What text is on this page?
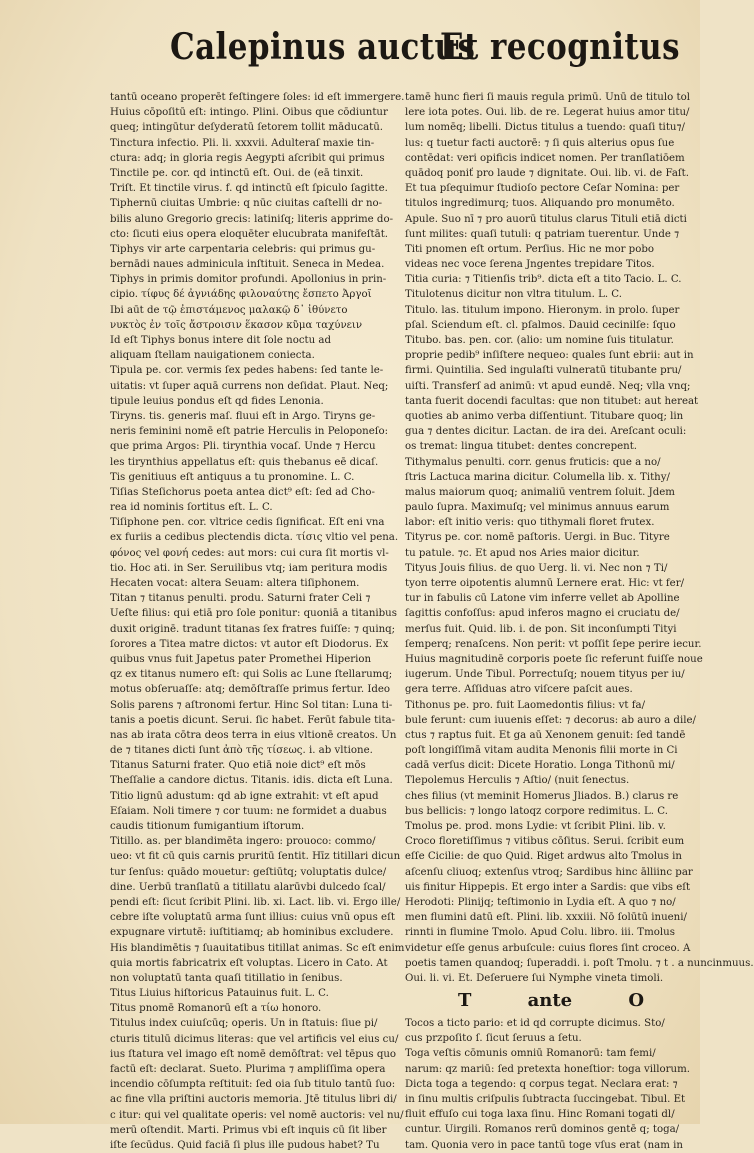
Calepinus auctus
Et recognitus
tantū oceano properēt feſtingere ſoles: id eſt immergere.
Huius cōpoſitū eſt: intingo. Plini. Oibus que cōdiuntur
queq; intingūtur deſyderatū ſetorem tollit māducatū.
Tinctura infectio. Pli. li. xxxvii. Adulteraſ maxie tin-
ctura: adq; in gloria regis Aegypti aſcribit qui primus
Tinctile pe. cor. qd intinctū eſt. Oui. de (eā tinxit.
Triſt. Et tinctile virus. f. qd intinctū eſt ſpiculo ſagitte.
Tiphernū ciuitas Umbrie: q nūc ciuitas caſtelli dr no-
bilis aluno Gregorio grecis: latiniſq; literis apprime do-
cto: ſicuti eius opera eloquēter elucubrata manifeſtāt.
Tiphys vir arte carpentaria celebris: qui primus gu-
bernādi naues adminicula inſtituit. Seneca in Medea.
Tiphys in primis domitor profundi. Apollonius in prin-
cipio. τίφυς δέ ἀγνιάδης φιλοναύτης ἔσπετο Ἀργοῖ
Ibi aūt de τῷ ἐπιστάμενος μαλακῷ δ᾽ ἰθύνετο
νυκτὸς ἐν τοῖς ἄστροισιν ἕκασον κῦμα ταχύνειν
Id eſt Tiphys bonus intere dit ſole noctu ad
aliquam ſtellam nauigationem coniecta.
Tipula pe. cor. vermis ſex pedes habens: ſed tante le-
uitatis: vt ſuper aquā currens non deſidat. Plaut. Neq;
tipule leuius pondus eſt qd fides Lenonia.
Tiryns. tis. generis maſ. fluui eſt in Argo. Tiryns ge-
neris feminini nomē eſt patrie Herculis in Peloponeſo:
que prima Argos: Pli. tirynthia vocaſ. Unde ⁊ Hercu
les tirynthius appellatus eſt: quis thebanus eē dicaſ.
Tis genitiuus eſt antiquus a tu pronomine. L. C.
Tiſias Steſichorus poeta antea dict⁹ eſt: ſed ad Cho-
rea id nominis ſortitus eſt. L. C.
Tiſiphone pen. cor. vltrice cedis ſignificat. Eſt eni vna
ex furiis a cedibus plectendis dicta. τίσις vltio vel pena.
φόνος vel φονή cedes: aut mors: cui cura ſit mortis vl-
tio. Hoc ati. in Ser. Seruilibus vtq; iam peritura modis
Hecaten vocat: altera Seuam: altera tiſiphonem.
Titan ⁊ titanus penulti. produ. Saturni frater Celi ⁊
Ueſte filius: qui etiā pro ſole ponitur: quoniā a titanibus
duxit originē. tradunt titanas ſex fratres fuiſſe: ⁊ quinq;
ſorores a Titea matre dictos: vt autor eſt Diodorus. Ex
quibus vnus fuit Japetus pater Promethei Hiperion
qz ex titanus numero eſt: qui Solis ac Lune ſtellarumq;
motus obſeruaſſe: atq; demōſtraſſe primus fertur. Ideo
Solis parens ⁊ aſtronomi fertur. Hinc Sol titan: Luna ti-
tanis a poetis dicunt. Serui. ſic habet. Ferūt fabule tita-
nas ab irata cōtra deos terra in eius vltionē creatos. Un
de ⁊ titanes dicti ſunt ἀπὸ τῆς τίσεως. i. ab vltione.
Titanus Saturni frater. Quo etiā noie dict⁹ eſt mōs
Theſſalie a candore dictus. Titanis. idis. dicta eſt Luna.
Titio lignū adustum: qd ab igne extrahit: vt eſt apud
Eſaiam. Noli timere ⁊ cor tuum: ne formidet a duabus
caudis titionum fumigantium iſtorum.
Titillo. as. per blandimēta ingero: prouoco: commo/
ueo: vt fit cū quis carnis pruritū ſentit. Hīz titillari dicun
tur ſenſus: quādo mouetur: geſtiūtq; voluptatis dulce/
dine. Uerbū tranſlatū a titillatu alarūvbi dulcedo ſcal/
pendi eſt: ſicut ſcribit Plini. lib. xi. Lact. lib. vi. Ergo ille/
cebre iſte voluptatū arma ſunt illius: cuius vnū opus eſt
expugnare virtutē: iuſtitiamq; ab hominibus excludere.
His blandimētis ⁊ ſuauitatibus titillat animas. Sc eſt enim
quia mortis fabricatrix eſt voluptas. Licero in Cato. At
non voluptatū tanta quaſi titillatio in ſenibus.
Titus Liuius hiſtoricus Patauinus fuit. L. C.
Titus pnomē Romanorū eſt a τίω honoro.
Titulus index cuiuſcūq; operis. Un in ſtatuis: ſiue pi/
cturis titulū dicimus literas: que vel artificis vel eius cu/
ius ſtatura vel imago eſt nomē demōſtrat: vel tēpus quo
factū eſt: declarat. Sueto. Plurima ⁊ ampliſſima opera
incendio cōſumpta reſtituit: ſed oia ſub titulo tantū ſuo:
ac fine vlla priſtini auctoris memoria. Jtē titulus libri di/
c itur: qui vel qualitate operis: vel nomē auctoris: vel nu/
merū oſtendit. Marti. Primus vbi eſt inquis cū ſit liber
iſte ſecūdus. Quid faciā ſi plus ille pudous habet? Tu
tamē hunc fieri ſi mauis regula primū. Unū de titulo tol
lere iota potes. Oui. lib. de re. Legerat huius amor titu/
lum nomēq; libelli. Dictus titulus a tuendo: quaſi titu⁊/
lus: q tuetur facti auctorē: ⁊ ſi quis alterius opus ſue
contēdat: veri opificis indicet nomen. Per tranſlatiōem
quādoq poniť pro laude ⁊ dignitate. Oui. lib. vi. de Faſt.
Et tua pſequimur ſtudioſo pectore Ceſar Nomina: per
titulos ingredimurq; tuos. Aliquando pro monumēto.
Apule. Suo nī ⁊ pro auorū titulus clarus Tituli etiā dicti
ſunt milites: quaſi tutuli: q patriam tuerentur. Unde ⁊
Titi pnomen eſt ortum. Perſius. Hic ne mor pobo
videas nec voce ſerena Jngentes trepidare Titos.
Titia curia: ⁊ Titienſis trib⁹. dicta eſt a tito Tacio. L. C.
Titulotenus dicitur non vltra titulum. L. C.
Titulo. las. titulum impono. Hieronym. in prolo. ſuper
pſal. Sciendum eſt. cl. pſalmos. Dauid cecinilſe: ſquo
Titubo. bas. pen. cor. (alio: um nomine ſuis titulatur.
proprie pedib⁹ inſiſtere nequeo: quales ſunt ebrii: aut in
firmi. Quintilia. Sed ingulaſti vulneratū titubante pru/
uiſti. Transferſ ad animū: vt apud eundē. Neq; vlla vnq;
tanta fuerit docendi facultas: que non titubet: aut hereat
quoties ab animo verba diſſentiunt. Titubare quoq; lin
gua ⁊ dentes dicitur. Lactan. de ira dei. Areſcant oculi:
os tremat: lingua titubet: dentes concrepent.
Tithymalus penulti. corr. genus fruticis: que a no/
ſtris Lactuca marina dicitur. Columella lib. x. Tithy/
malus maiorum quoq; animaliū ventrem ſoluit. Jdem
paulo ſupra. Maximuſq; vel minimus annuus earum
labor: eſt initio veris: quo tithymali floret frutex.
Tityrus pe. cor. nomē paſtoris. Uergi. in Buc. Tityre
tu patule. ⁊c. Et apud nos Aries maior dicitur.
Tityus Jouis filius. de quo Uerg. li. vi. Nec non ⁊ Ti/
tyon terre oipotentis alumnū Lernere erat. Hic: vt fer/
tur in fabulis cū Latone vim inferre vellet ab Apolline
ſagittis confoſſus: apud inferos magno ei cruciatu de/
merſus fuit. Quid. lib. i. de pon. Sit inconſumpti Tityi
ſemperq; renaſcens. Non perit: vt poſſit ſepe perire iecur.
Huius magnitudinē corporis poete ſic referunt fuiſſe noue
iugerum. Unde Tibul. Porrectuſq; nouem tityus per iu/
gera terre. Aſſiduas atro viſcere paſcit aues.
Tithonus pe. pro. fuit Laomedontis filius: vt fa/
bule ferunt: cum iuuenis eſſet: ⁊ decorus: ab auro a dile/
ctus ⁊ raptus fuit. Et ga aū Xenonem genuit: ſed tandē
poſt longiſſimā vitam audita Menonis filii morte in Ci
cadā verſus dicit: Dicete Horatio. Longa Tithonū mi/
Tlepolemus Herculis ⁊ Aſtio/ (nuit ſenectus.
ches filius (vt meminit Homerus Jliados. B.) clarus re
bus bellicis: ⁊ longo latoqz corpore redimitus. L. C.
Tmolus pe. prod. mons Lydie: vt ſcribit Plini. lib. v.
Croco floretiſſimus ⁊ vitibus cōſitus. Serui. ſcribit eum
eſſe Cicilie: de quo Quid. Riget ardwus alto Tmolus in
aſcenſu cliuoq; extenſus vtroq; Sardibus hinc ālliinc par
uis finitur Hippepis. Et ergo inter a Sardis: que vibs eſt
Herodoti: Plinijq; teſtimonio in Lydia eſt. A quo ⁊ no/
men flumini datū eſt. Plini. lib. xxxiii. Nō ſolūtū inueni/
rinnti in flumine Tmolo. Apud Colu. libro. iii. Tmolus
videtur eſſe genus arbuſcule: cuius flores ſint croceo. A
poetis tamen quandoq; ſuperaddi. i. poſt Tmolu. ⁊ t . a nuncinmuus.
Oui. li. vi. Et. Deſeruere ſui Nymphe vineta timoli.
T ante O
Tocos a ticto pario: et id qd corrupte dicimus. Sto/
cus przpoſito ſ. ſicut ſeruus a ſetu.
Toga veſtis cōmunis omniū Romanorū: tam femi/
narum: qz mariū: ſed pretexta honeſtior: toga villorum.
Dicta toga a tegendo: q corpus tegat. Neclara erat: ⁊
in ſinu multis criſpulis ſubtracta ſuccingebat. Tibul. Et
fluit effuſo cui toga laxa ſinu. Hinc Romani togati dl/
cuntur. Uirgili. Romanos rerū dominos gentē q; toga/
tam. Quonia vero in pace tantū toge vſus erat (nam in
